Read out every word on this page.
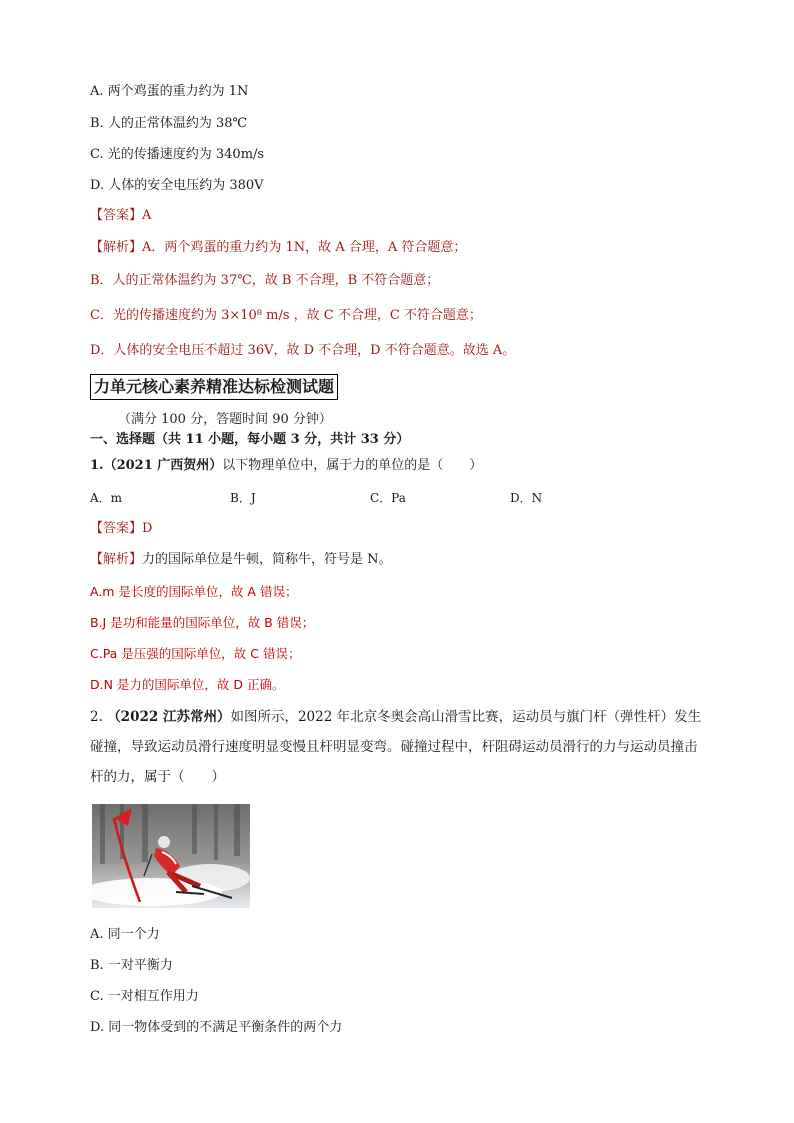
A. 两个鸡蛋的重力约为 1N
B. 人的正常体温约为 38℃
C. 光的传播速度约为 340m/s
D. 人体的安全电压约为 380V
【答案】A
【解析】A．两个鸡蛋的重力约为 1N，故 A 合理，A 符合题意；
B．人的正常体温约为 37℃，故 B 不合理，B 不符合题意；
C．光的传播速度约为 3×10⁸ m/s ，故 C 不合理，C 不符合题意；
D．人体的安全电压不超过 36V，故 D 不合理，D 不符合题意。故选 A。
力单元核心素养精准达标检测试题
（满分 100 分，答题时间 90 分钟）
一、选择题（共 11 小题，每小题 3 分，共计 33 分）
1.（2021 广西贺州）以下物理单位中，属于力的单位的是（　　）
A．m	B．J	C．Pa	D．N
【答案】D
【解析】力的国际单位是牛顿，简称牛，符号是 N。
A.m 是长度的国际单位，故 A 错误；
B.J 是功和能量的国际单位，故 B 错误；
C.Pa 是压强的国际单位，故 C 错误；
D.N 是力的国际单位，故 D 正确。
2. （2022 江苏常州）如图所示，2022 年北京冬奥会高山滑雪比赛，运动员与旗门杆（弹性杆）发生碰撞，导致运动员滑行速度明显变慢且杆明显变弯。碰撞过程中，杆阻碍运动员滑行的力与运动员撞击杆的力，属于（　　）
A. 同一个力
B. 一对平衡力
C. 一对相互作用力
D. 同一物体受到的不满足平衡条件的两个力
